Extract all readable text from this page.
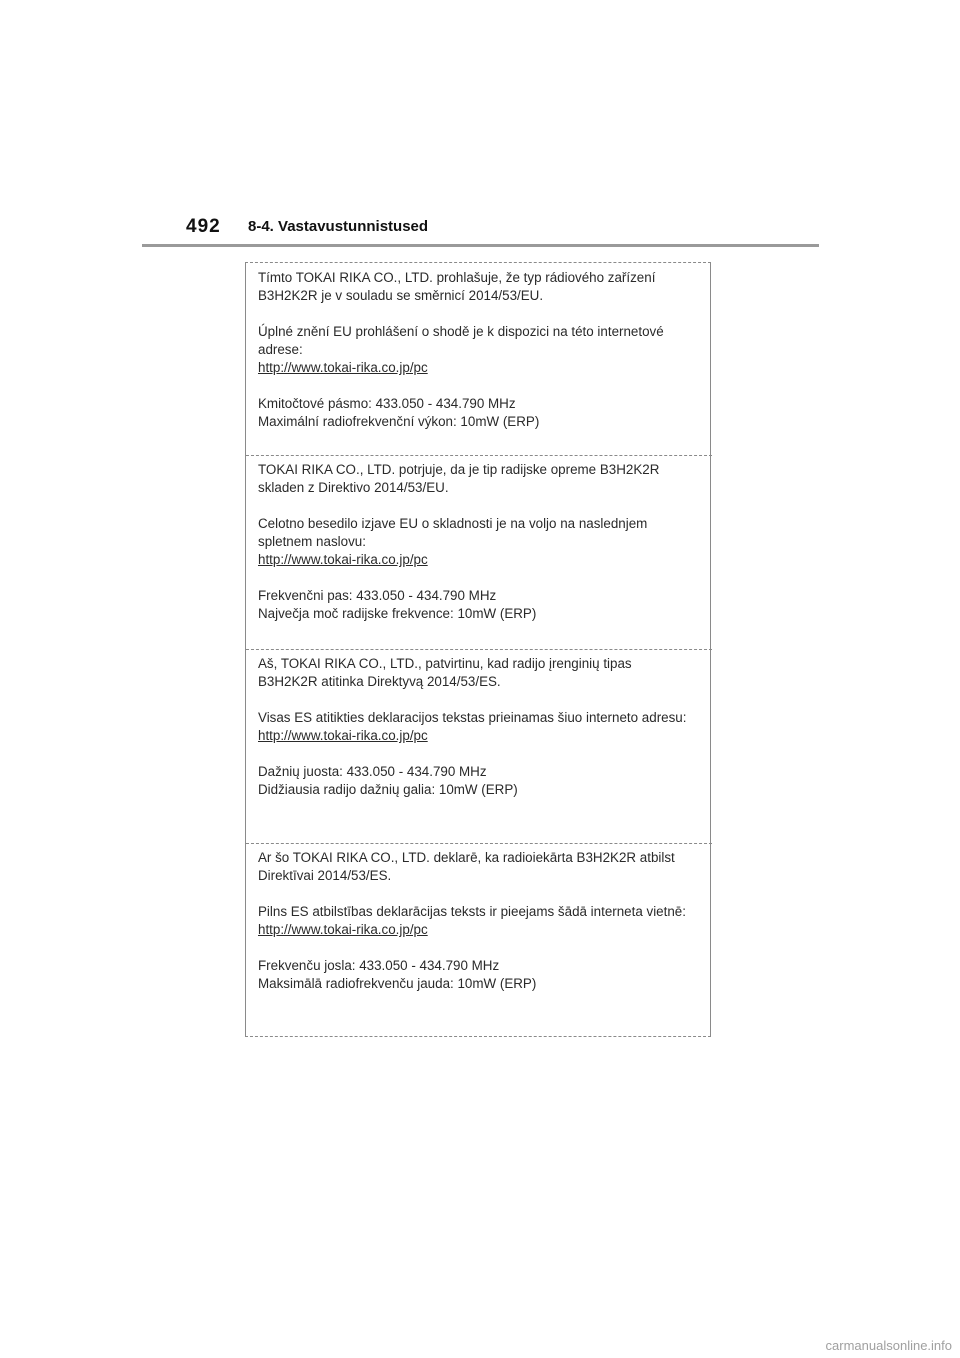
492 8-4. Vastavustunnistused

Tímto TOKAI RIKA CO., LTD. prohlašuje, že typ rádiového zařízení B3H2K2R je v souladu se směrnicí 2014/53/EU.

Úplné znění EU prohlášení o shodě je k dispozici na této internetové adrese:

http://www.tokai-rika.co.jp/pc

Kmitočtové pásmo: 433.050 - 434.790 MHz

Maximální radiofrekvenční výkon: 10mW (ERP)

TOKAI RIKA CO., LTD. potrjuje, da je tip radijske opreme B3H2K2R skladen z Direktivo 2014/53/EU.

Celotno besedilo izjave EU o skladnosti je na voljo na naslednjem spletnem naslovu:

http://www.tokai-rika.co.jp/pc

Frekvenčni pas: 433.050 - 434.790 MHz

Največja moč radijske frekvence: 10mW (ERP)

Aš, TOKAI RIKA CO., LTD., patvirtinu, kad radijo įrenginių tipas B3H2K2R atitinka Direktyvą 2014/53/ES.

Visas ES atitikties deklaracijos tekstas prieinamas šiuo interneto adresu:

http://www.tokai-rika.co.jp/pc

Dažnių juosta: 433.050 - 434.790 MHz

Didžiausia radijo dažnių galia: 10mW (ERP)

Ar šo TOKAI RIKA CO., LTD. deklarē, ka radioiekārta B3H2K2R atbilst Direktīvai 2014/53/ES.

Pilns ES atbilstības deklarācijas teksts ir pieejams šādā interneta vietnē:

http://www.tokai-rika.co.jp/pc

Frekvenču josla: 433.050 - 434.790 MHz

Maksimālā radiofrekvenču jauda: 10mW (ERP)

carmanualsonline.info
